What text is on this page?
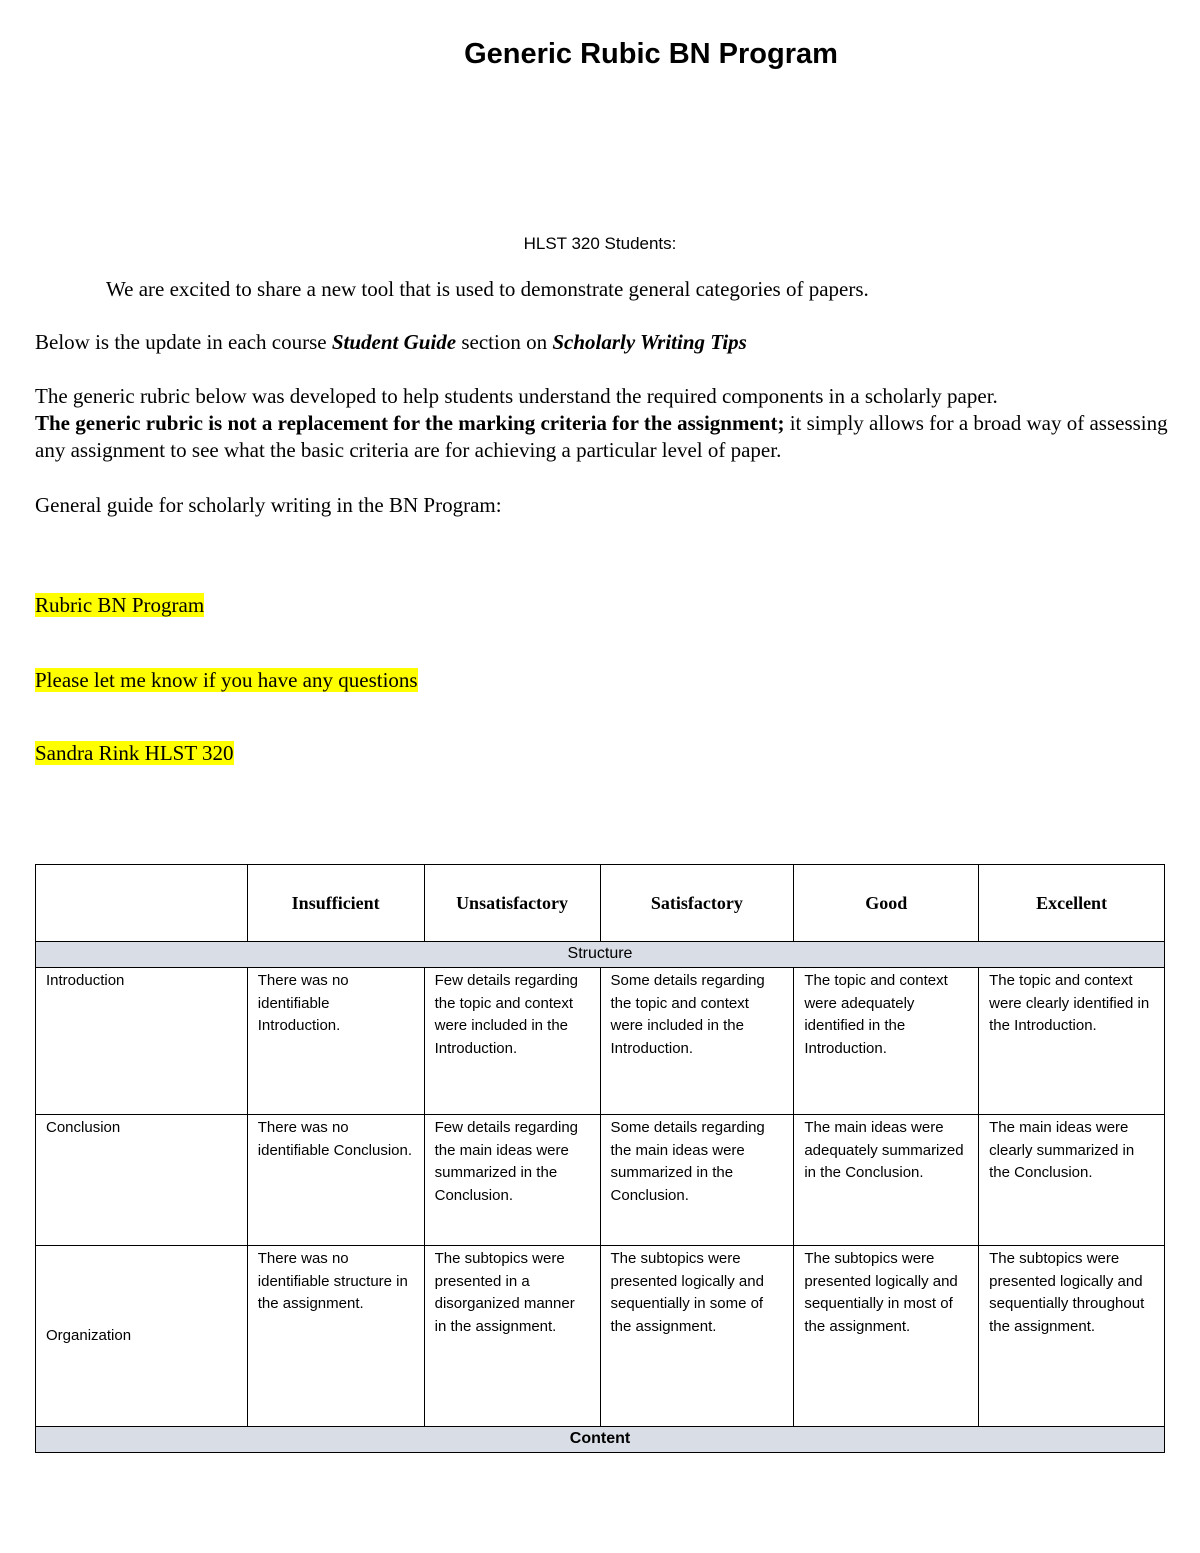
Generic Rubic BN Program
HLST 320 Students:
We are excited to share a new tool that is used to demonstrate general categories of papers.
Below is the update in each course Student Guide section on Scholarly Writing Tips
The generic rubric below was developed to help students understand the required components in a scholarly paper.
The generic rubric is not a replacement for the marking criteria for the assignment; it simply allows for a broad way of assessing any assignment to see what the basic criteria are for achieving a particular level of paper.
General guide for scholarly writing in the BN Program:
Rubric BN Program
Please let me know if you have any questions
Sandra Rink HLST 320
	Insufficient	Unsatisfactory	Satisfactory	Good	Excellent
Structure					
Introduction	There was no identifiable Introduction.	Few details regarding the topic and context were included in the Introduction.	Some details regarding the topic and context were included in the Introduction.	The topic and context were adequately identified in the Introduction.	The topic and context were clearly identified in the Introduction.
Conclusion	There was no identifiable Conclusion.	Few details regarding the main ideas were summarized in the Conclusion.	Some details regarding the main ideas were summarized in the Conclusion.	The main ideas were adequately summarized in the Conclusion.	The main ideas were clearly summarized in the Conclusion.
Organization	There was no identifiable structure in the assignment.	The subtopics were presented in a disorganized manner in the assignment.	The subtopics were presented logically and sequentially in some of the assignment.	The subtopics were presented logically and sequentially in most of the assignment.	The subtopics were presented logically and sequentially throughout the assignment.
Content					
